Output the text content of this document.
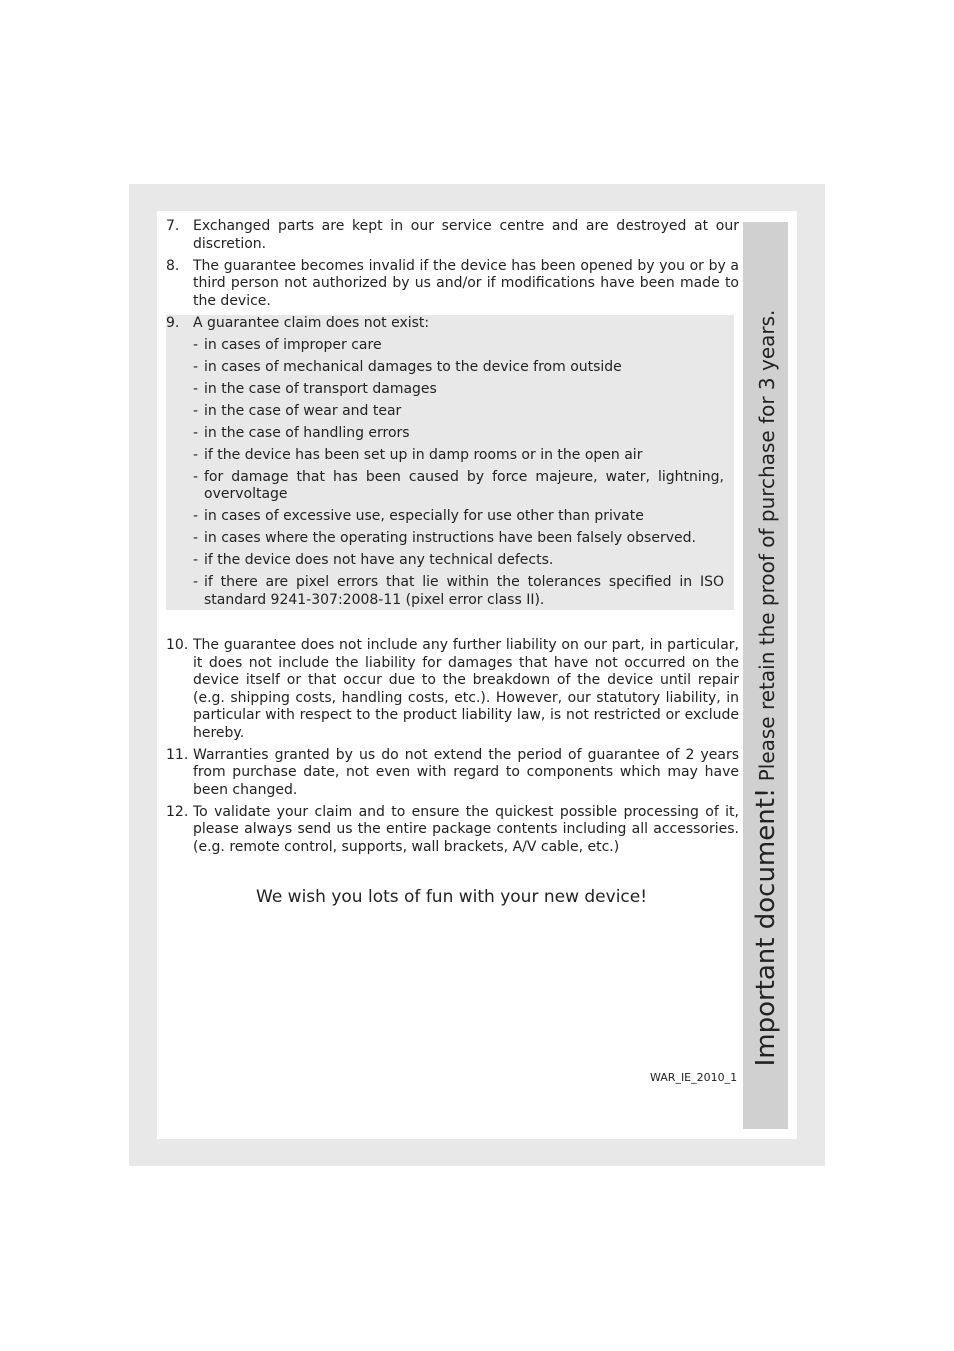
Important document! Please retain the proof of purchase for 3 years.
7. Exchanged parts are kept in our service centre and are destroyed at our discretion.
8. The guarantee becomes invalid if the device has been opened by you or by a third person not authorized by us and/or if modifications have been made to the device.
9. A guarantee claim does not exist:
- in cases of improper care
- in cases of mechanical damages to the device from outside
- in the case of transport damages
- in the case of wear and tear
- in the case of handling errors
- if the device has been set up in damp rooms or in the open air
- for damage that has been caused by force majeure, water, lightning, overvoltage
- in cases of excessive use, especially for use other than private
- in cases where the operating instructions have been falsely observed.
- if the device does not have any technical defects.
- if there are pixel errors that lie within the tolerances specified in ISO standard 9241-307:2008-11 (pixel error class II).
10. The guarantee does not include any further liability on our part, in particular, it does not include the liability for damages that have not occurred on the device itself or that occur due to the breakdown of the device until repair (e.g. shipping costs, handling costs, etc.). However, our statutory liability, in particular with respect to the product liability law, is not restricted or exclude hereby.
11. Warranties granted by us do not extend the period of guarantee of 2 years from purchase date, not even with regard to components which may have been changed.
12. To validate your claim and to ensure the quickest possible processing of it, please always send us the entire package contents including all accessories. (e.g. remote control, supports, wall brackets, A/V cable, etc.)
We wish you lots of fun with your new device!
WAR_IE_2010_1
